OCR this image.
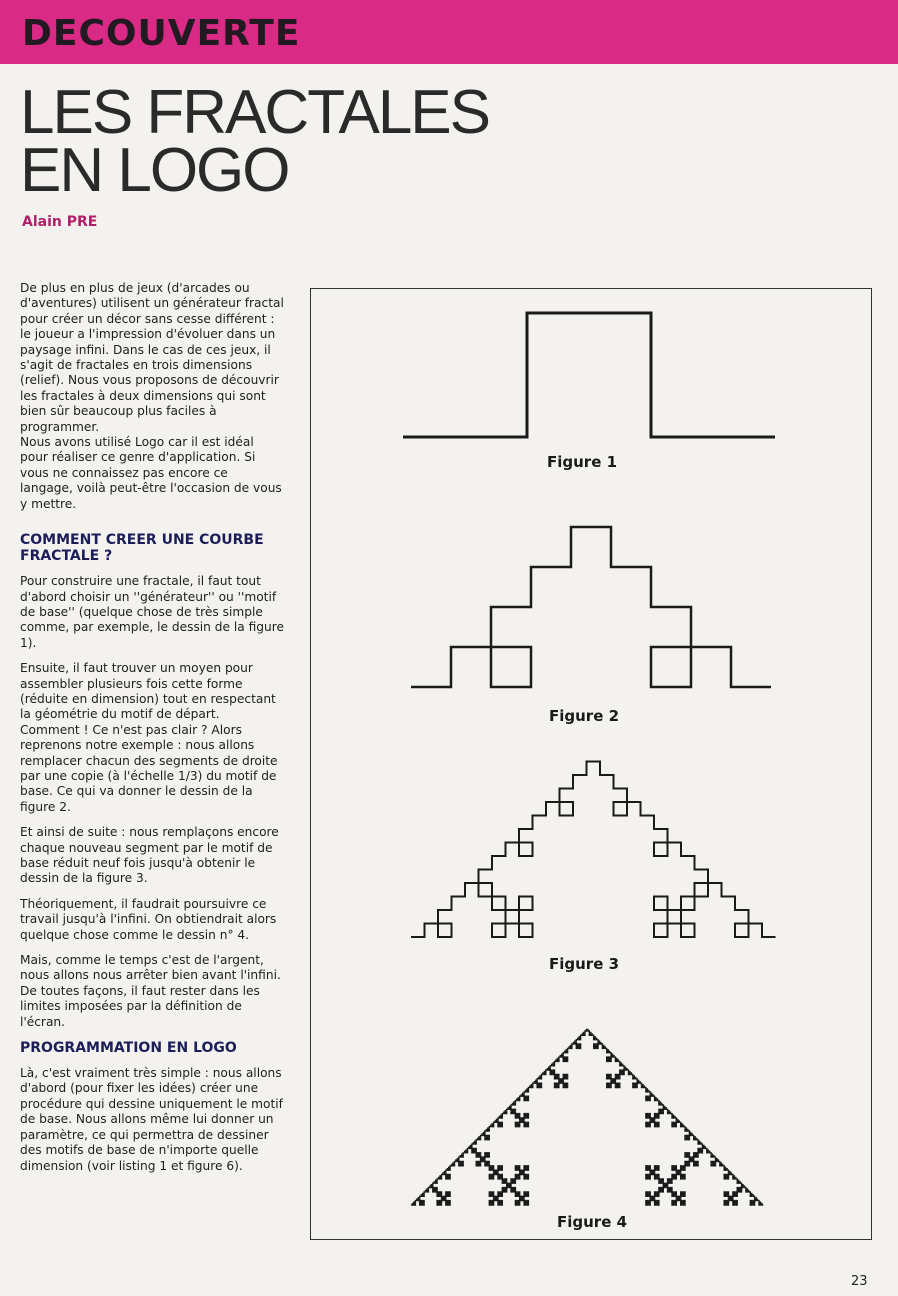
DECOUVERTE
LES FRACTALES
EN LOGO
Alain PRE

De plus en plus de jeux (d'arcades ou d'aventures) utilisent un générateur fractal pour créer un décor sans cesse différent : le joueur a l'impression d'évoluer dans un paysage infini. Dans le cas de ces jeux, il s'agit de fractales en trois dimensions (relief). Nous vous proposons de découvrir les fractales à deux dimensions qui sont bien sûr beaucoup plus faciles à programmer.

Nous avons utilisé Logo car il est idéal pour réaliser ce genre d'application. Si vous ne connaissez pas encore ce langage, voilà peut-être l'occasion de vous y mettre.

COMMENT CREER UNE COURBE FRACTALE ?

Pour construire une fractale, il faut tout d'abord choisir un ''générateur'' ou ''motif de base'' (quelque chose de très simple comme, par exemple, le dessin de la figure 1).

Ensuite, il faut trouver un moyen pour assembler plusieurs fois cette forme (réduite en dimension) tout en respectant la géométrie du motif de départ.

Comment ! Ce n'est pas clair ? Alors reprenons notre exemple : nous allons remplacer chacun des segments de droite par une copie (à l'échelle 1/3) du motif de base. Ce qui va donner le dessin de la figure 2.

Et ainsi de suite : nous remplaçons encore chaque nouveau segment par le motif de base réduit neuf fois jusqu'à obtenir le dessin de la figure 3.

Théoriquement, il faudrait poursuivre ce travail jusqu'à l'infini. On obtiendrait alors quelque chose comme le dessin n° 4.

Mais, comme le temps c'est de l'argent, nous allons nous arrêter bien avant l'infini. De toutes façons, il faut rester dans les limites imposées par la définition de l'écran.

PROGRAMMATION EN LOGO

Là, c'est vraiment très simple : nous allons d'abord (pour fixer les idées) créer une procédure qui dessine uniquement le motif de base. Nous allons même lui donner un paramètre, ce qui permettra de dessiner des motifs de base de n'importe quelle dimension (voir listing 1 et figure 6).

Figure 1
Figure 2
Figure 3
Figure 4
23
